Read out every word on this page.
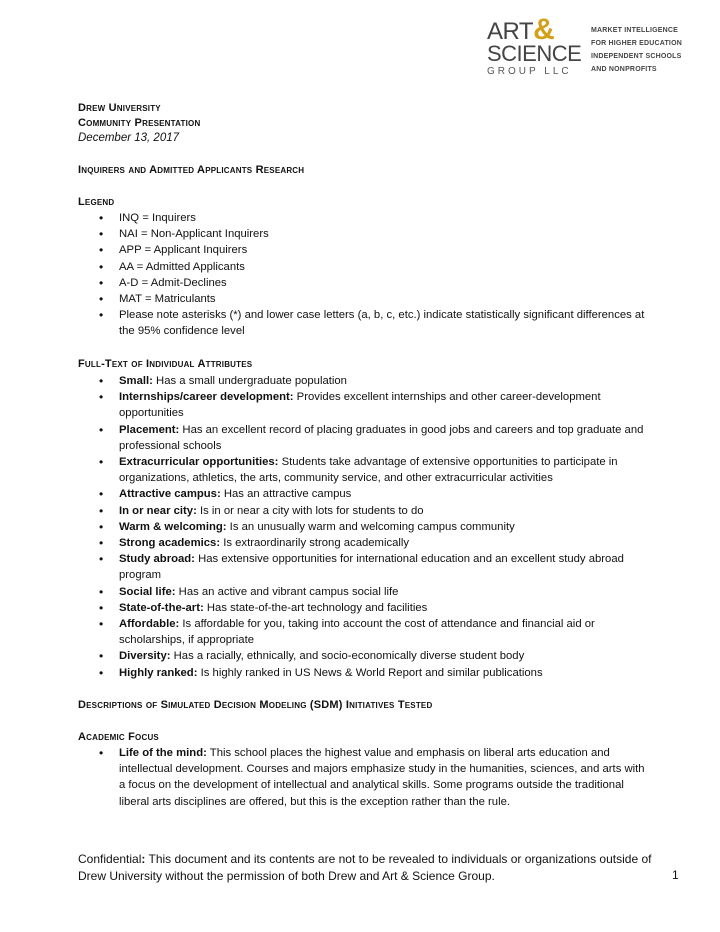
ART&
SCIENCE
GROUP LLC
MARKET INTELLIGENCE
FOR HIGHER EDUCATION
INDEPENDENT SCHOOLS
AND NONPROFITS
Drew University
Community Presentation
December 13, 2017
Inquirers and Admitted Applicants Research
Legend
• INQ = Inquirers
• NAI = Non-Applicant Inquirers
• APP = Applicant Inquirers
• AA = Admitted Applicants
• A-D = Admit-Declines
• MAT = Matriculants
• Please note asterisks (*) and lower case letters (a, b, c, etc.) indicate statistically significant differences at the 95% confidence level
Full-Text of Individual Attributes
• Small: Has a small undergraduate population
• Internships/career development: Provides excellent internships and other career-development opportunities
• Placement: Has an excellent record of placing graduates in good jobs and careers and top graduate and professional schools
• Extracurricular opportunities: Students take advantage of extensive opportunities to participate in organizations, athletics, the arts, community service, and other extracurricular activities
• Attractive campus: Has an attractive campus
• In or near city: Is in or near a city with lots for students to do
• Warm & welcoming: Is an unusually warm and welcoming campus community
• Strong academics: Is extraordinarily strong academically
• Study abroad: Has extensive opportunities for international education and an excellent study abroad program
• Social life: Has an active and vibrant campus social life
• State-of-the-art: Has state-of-the-art technology and facilities
• Affordable: Is affordable for you, taking into account the cost of attendance and financial aid or scholarships, if appropriate
• Diversity: Has a racially, ethnically, and socio-economically diverse student body
• Highly ranked: Is highly ranked in US News & World Report and similar publications
Descriptions of Simulated Decision Modeling (SDM) Initiatives Tested
Academic Focus
• Life of the mind: This school places the highest value and emphasis on liberal arts education and intellectual development. Courses and majors emphasize study in the humanities, sciences, and arts with a focus on the development of intellectual and analytical skills. Some programs outside the traditional liberal arts disciplines are offered, but this is the exception rather than the rule.
Confidential: This document and its contents are not to be revealed to individuals or organizations outside of Drew University without the permission of both Drew and Art & Science Group.	1
